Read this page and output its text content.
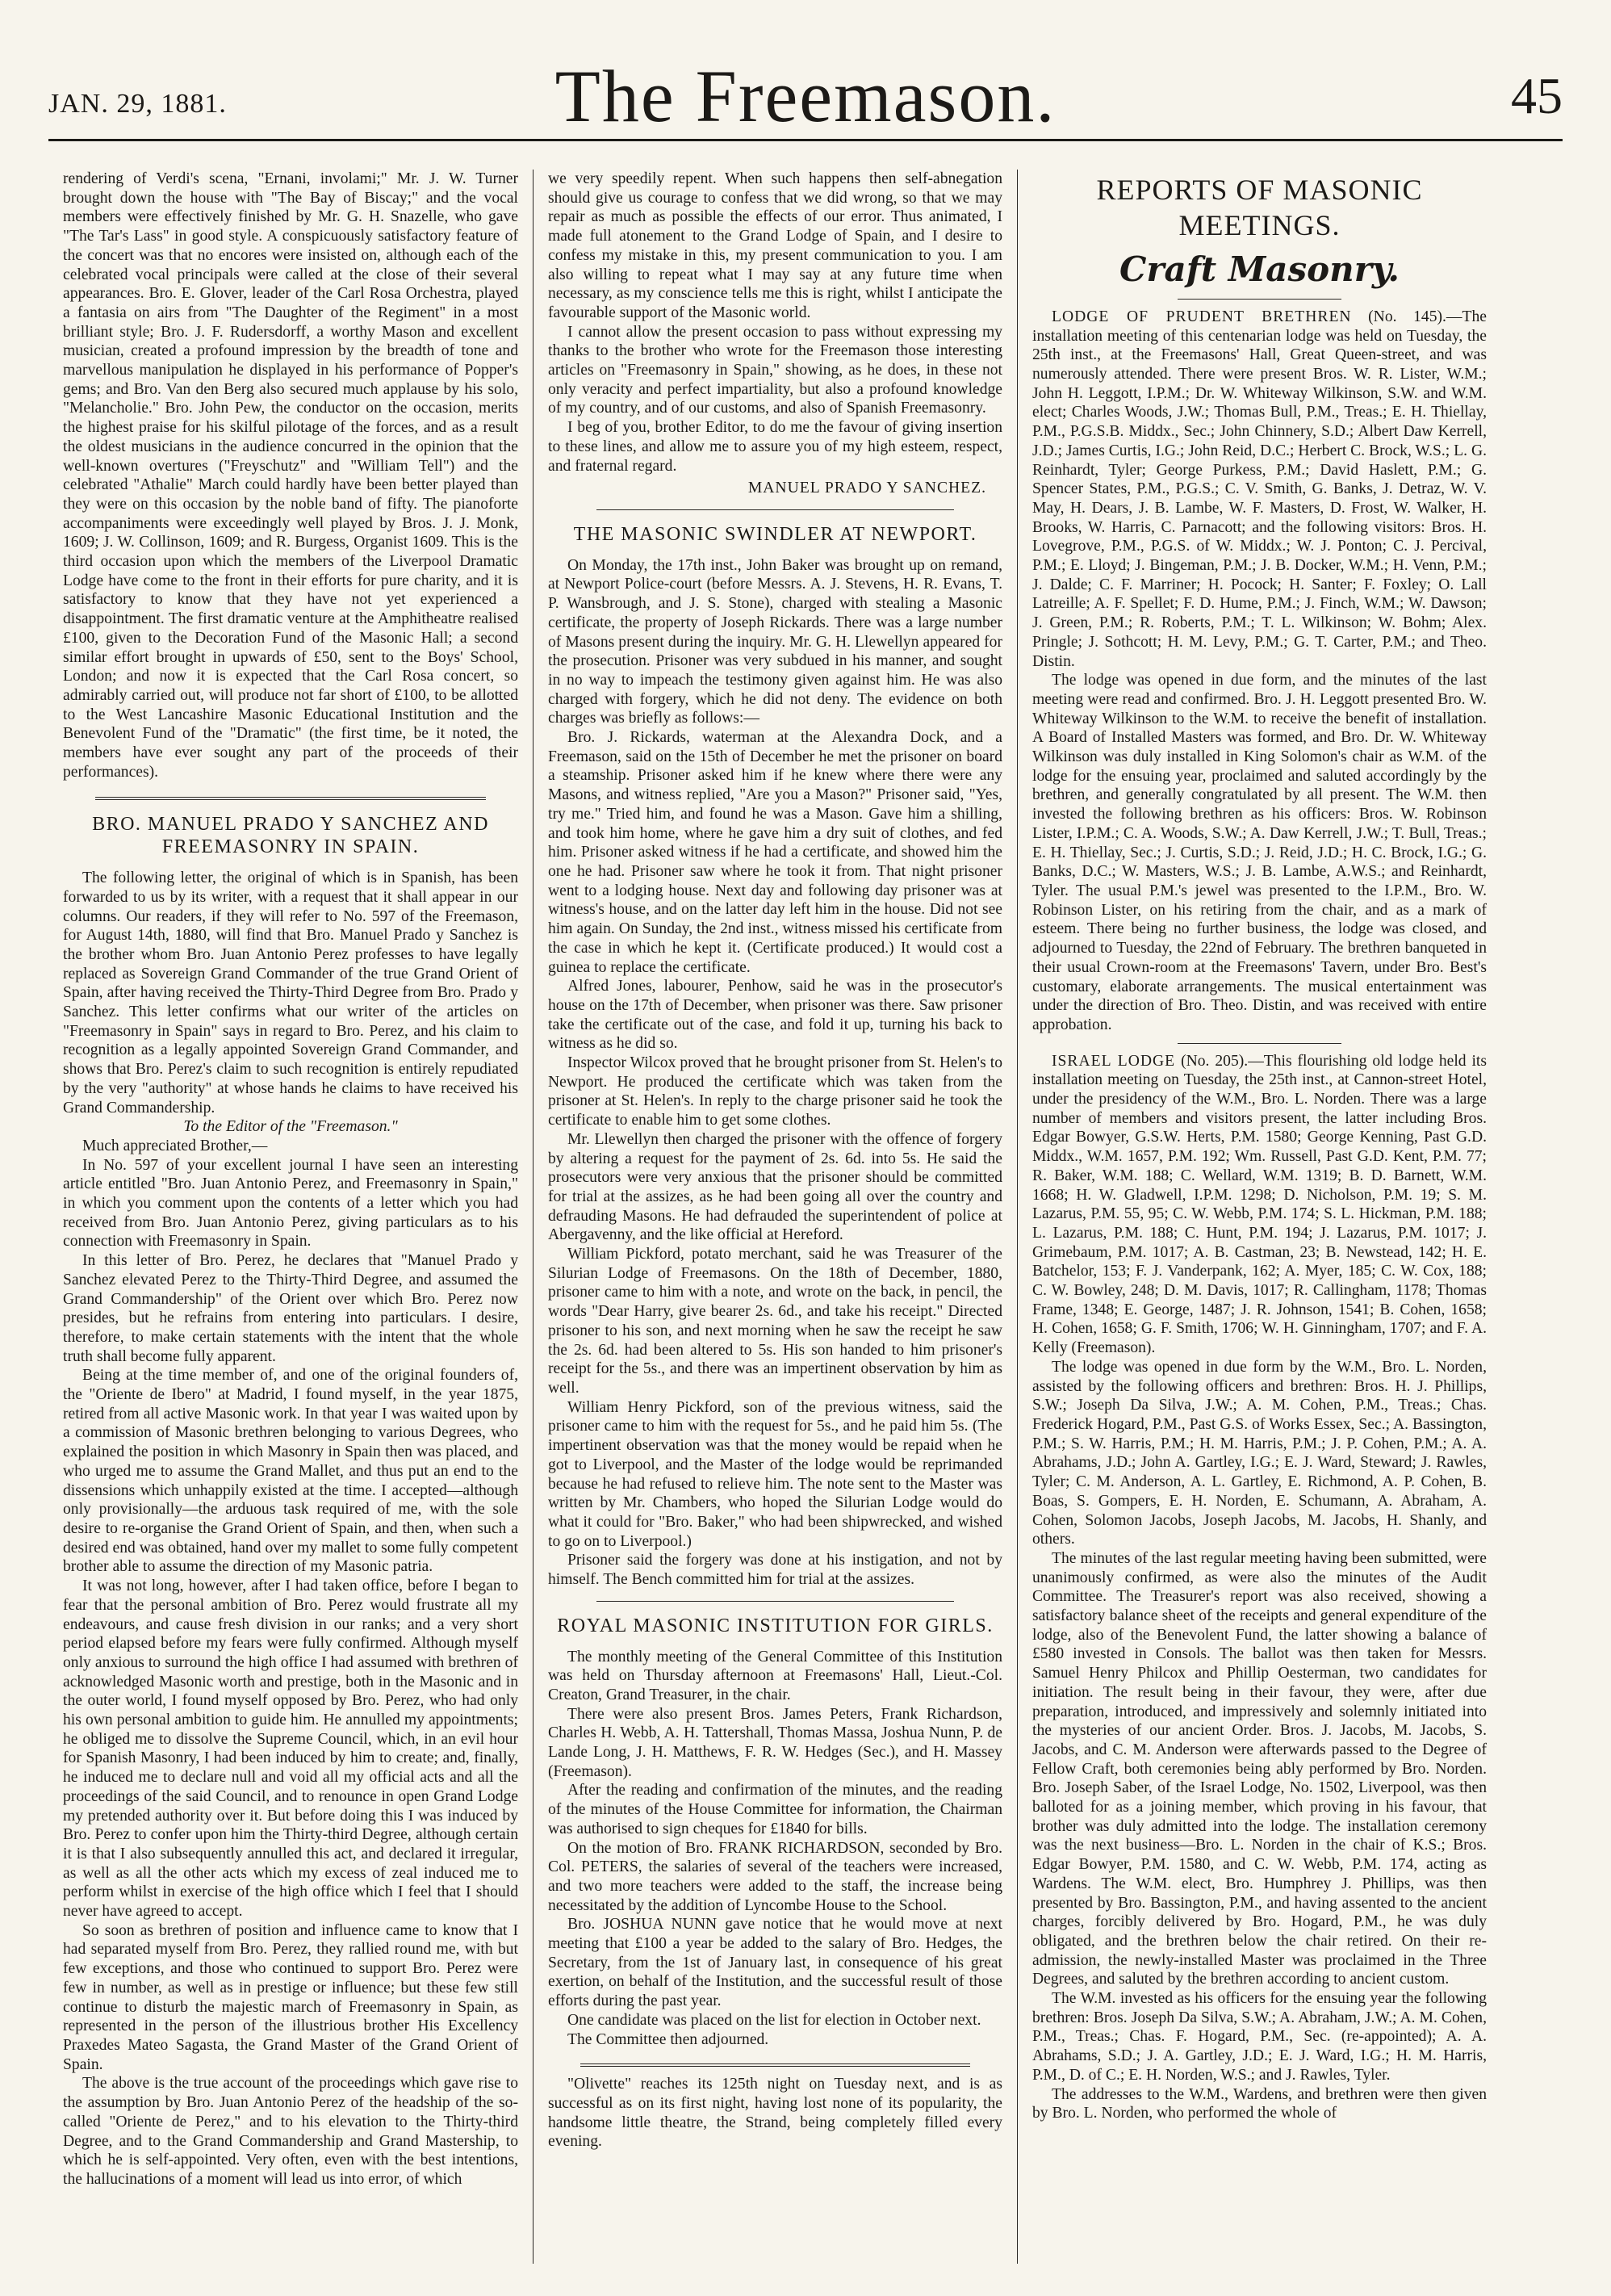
JAN. 29, 1881.	The Freemason.	45

rendering of Verdi's scena, "Ernani, involami;" Mr. J. W. Turner brought down the house with "The Bay of Biscay;" and the vocal members were effectively finished by Mr. G. H. Snazelle, who gave "The Tar's Lass" in good style. A conspicuously satisfactory feature of the concert was that no encores were insisted on, although each of the celebrated vocal principals were called at the close of their several appearances. Bro. E. Glover, leader of the Carl Rosa Orchestra, played a fantasia on airs from "The Daughter of the Regiment" in a most brilliant style; Bro. J. F. Rudersdorff, a worthy Mason and excellent musician, created a profound impression by the breadth of tone and marvellous manipulation he displayed in his performance of Popper's gems; and Bro. Van den Berg also secured much applause by his solo, "Melancholie." Bro. John Pew, the conductor on the occasion, merits the highest praise for his skilful pilotage of the forces, and as a result the oldest musicians in the audience concurred in the opinion that the well-known overtures ("Freyschutz" and "William Tell") and the celebrated "Athalie" March could hardly have been better played than they were on this occasion by the noble band of fifty. The pianoforte accompaniments were exceedingly well played by Bros. J. J. Monk, 1609; J. W. Collinson, 1609; and R. Burgess, Organist 1609. This is the third occasion upon which the members of the Liverpool Dramatic Lodge have come to the front in their efforts for pure charity, and it is satisfactory to know that they have not yet experienced a disappointment. The first dramatic venture at the Amphitheatre realised £100, given to the Decoration Fund of the Masonic Hall; a second similar effort brought in upwards of £50, sent to the Boys' School, London; and now it is expected that the Carl Rosa concert, so admirably carried out, will produce not far short of £100, to be allotted to the West Lancashire Masonic Educational Institution and the Benevolent Fund of the "Dramatic" (the first time, be it noted, the members have ever sought any part of the proceeds of their performances).

BRO. MANUEL PRADO Y SANCHEZ AND FREEMASONRY IN SPAIN.

The following letter, the original of which is in Spanish, has been forwarded to us by its writer, with a request that it shall appear in our columns. Our readers, if they will refer to No. 597 of the Freemason, for August 14th, 1880, will find that Bro. Manuel Prado y Sanchez is the brother whom Bro. Juan Antonio Perez professes to have legally replaced as Sovereign Grand Commander of the true Grand Orient of Spain, after having received the Thirty-Third Degree from Bro. Prado y Sanchez. This letter confirms what our writer of the articles on "Freemasonry in Spain" says in regard to Bro. Perez, and his claim to recognition as a legally appointed Sovereign Grand Commander, and shows that Bro. Perez's claim to such recognition is entirely repudiated by the very "authority" at whose hands he claims to have received his Grand Commandership.

To the Editor of the "Freemason."

Much appreciated Brother,—

In No. 597 of your excellent journal I have seen an interesting article entitled "Bro. Juan Antonio Perez, and Freemasonry in Spain," in which you comment upon the contents of a letter which you had received from Bro. Juan Antonio Perez, giving particulars as to his connection with Freemasonry in Spain.

In this letter of Bro. Perez, he declares that "Manuel Prado y Sanchez elevated Perez to the Thirty-Third Degree, and assumed the Grand Commandership" of the Orient over which Bro. Perez now presides, but he refrains from entering into particulars. I desire, therefore, to make certain statements with the intent that the whole truth shall become fully apparent.

Being at the time member of, and one of the original founders of, the "Oriente de Ibero" at Madrid, I found myself, in the year 1875, retired from all active Masonic work. In that year I was waited upon by a commission of Masonic brethren belonging to various Degrees, who explained the position in which Masonry in Spain then was placed, and who urged me to assume the Grand Mallet, and thus put an end to the dissensions which unhappily existed at the time. I accepted—although only provisionally—the arduous task required of me, with the sole desire to re-organise the Grand Orient of Spain, and then, when such a desired end was obtained, hand over my mallet to some fully competent brother able to assume the direction of my Masonic patria.

It was not long, however, after I had taken office, before I began to fear that the personal ambition of Bro. Perez would frustrate all my endeavours, and cause fresh division in our ranks; and a very short period elapsed before my fears were fully confirmed. Although myself only anxious to surround the high office I had assumed with brethren of acknowledged Masonic worth and prestige, both in the Masonic and in the outer world, I found myself opposed by Bro. Perez, who had only his own personal ambition to guide him. He annulled my appointments; he obliged me to dissolve the Supreme Council, which, in an evil hour for Spanish Masonry, I had been induced by him to create; and, finally, he induced me to declare null and void all my official acts and all the proceedings of the said Council, and to renounce in open Grand Lodge my pretended authority over it. But before doing this I was induced by Bro. Perez to confer upon him the Thirty-third Degree, although certain it is that I also subsequently annulled this act, and declared it irregular, as well as all the other acts which my excess of zeal induced me to perform whilst in exercise of the high office which I feel that I should never have agreed to accept.

So soon as brethren of position and influence came to know that I had separated myself from Bro. Perez, they rallied round me, with but few exceptions, and those who continued to support Bro. Perez were few in number, as well as in prestige or influence; but these few still continue to disturb the majestic march of Freemasonry in Spain, as represented in the person of the illustrious brother His Excellency Praxedes Mateo Sagasta, the Grand Master of the Grand Orient of Spain.

The above is the true account of the proceedings which gave rise to the assumption by Bro. Juan Antonio Perez of the headship of the so-called "Oriente de Perez," and to his elevation to the Thirty-third Degree, and to the Grand Commandership and Grand Mastership, to which he is self-appointed. Very often, even with the best intentions, the hallucinations of a moment will lead us into error, of which

we very speedily repent. When such happens then self-abnegation should give us courage to confess that we did wrong, so that we may repair as much as possible the effects of our error. Thus animated, I made full atonement to the Grand Lodge of Spain, and I desire to confess my mistake in this, my present communication to you. I am also willing to repeat what I may say at any future time when necessary, as my conscience tells me this is right, whilst I anticipate the favourable support of the Masonic world.

I cannot allow the present occasion to pass without expressing my thanks to the brother who wrote for the Freemason those interesting articles on "Freemasonry in Spain," showing, as he does, in these not only veracity and perfect impartiality, but also a profound knowledge of my country, and of our customs, and also of Spanish Freemasonry.

I beg of you, brother Editor, to do me the favour of giving insertion to these lines, and allow me to assure you of my high esteem, respect, and fraternal regard.

MANUEL PRADO Y SANCHEZ.
THE MASONIC SWINDLER AT NEWPORT.

On Monday, the 17th inst., John Baker was brought up on remand, at Newport Police-court (before Messrs. A. J. Stevens, H. R. Evans, T. P. Wansbrough, and J. S. Stone), charged with stealing a Masonic certificate, the property of Joseph Rickards. There was a large number of Masons present during the inquiry. Mr. G. H. Llewellyn appeared for the prosecution. Prisoner was very subdued in his manner, and sought in no way to impeach the testimony given against him. He was also charged with forgery, which he did not deny. The evidence on both charges was briefly as follows:—

Bro. J. Rickards, waterman at the Alexandra Dock, and a Freemason, said on the 15th of December he met the prisoner on board a steamship. Prisoner asked him if he knew where there were any Masons, and witness replied, "Are you a Mason?" Prisoner said, "Yes, try me." Tried him, and found he was a Mason. Gave him a shilling, and took him home, where he gave him a dry suit of clothes, and fed him. Prisoner asked witness if he had a certificate, and showed him the one he had. Prisoner saw where he took it from. That night prisoner went to a lodging house. Next day and following day prisoner was at witness's house, and on the latter day left him in the house. Did not see him again. On Sunday, the 2nd inst., witness missed his certificate from the case in which he kept it. (Certificate produced.) It would cost a guinea to replace the certificate.

Alfred Jones, labourer, Penhow, said he was in the prosecutor's house on the 17th of December, when prisoner was there. Saw prisoner take the certificate out of the case, and fold it up, turning his back to witness as he did so.

Inspector Wilcox proved that he brought prisoner from St. Helen's to Newport. He produced the certificate which was taken from the prisoner at St. Helen's. In reply to the charge prisoner said he took the certificate to enable him to get some clothes.

Mr. Llewellyn then charged the prisoner with the offence of forgery by altering a request for the payment of 2s. 6d. into 5s. He said the prosecutors were very anxious that the prisoner should be committed for trial at the assizes, as he had been going all over the country and defrauding Masons. He had defrauded the superintendent of police at Abergavenny, and the like official at Hereford.

William Pickford, potato merchant, said he was Treasurer of the Silurian Lodge of Freemasons. On the 18th of December, 1880, prisoner came to him with a note, and wrote on the back, in pencil, the words "Dear Harry, give bearer 2s. 6d., and take his receipt." Directed prisoner to his son, and next morning when he saw the receipt he saw the 2s. 6d. had been altered to 5s. His son handed to him prisoner's receipt for the 5s., and there was an impertinent observation by him as well.

William Henry Pickford, son of the previous witness, said the prisoner came to him with the request for 5s., and he paid him 5s. (The impertinent observation was that the money would be repaid when he got to Liverpool, and the Master of the lodge would be reprimanded because he had refused to relieve him. The note sent to the Master was written by Mr. Chambers, who hoped the Silurian Lodge would do what it could for "Bro. Baker," who had been shipwrecked, and wished to go on to Liverpool.)

Prisoner said the forgery was done at his instigation, and not by himself. The Bench committed him for trial at the assizes.

ROYAL MASONIC INSTITUTION FOR GIRLS.

The monthly meeting of the General Committee of this Institution was held on Thursday afternoon at Freemasons' Hall, Lieut.-Col. Creaton, Grand Treasurer, in the chair.

There were also present Bros. James Peters, Frank Richardson, Charles H. Webb, A. H. Tattershall, Thomas Massa, Joshua Nunn, P. de Lande Long, J. H. Matthews, F. R. W. Hedges (Sec.), and H. Massey (Freemason).

After the reading and confirmation of the minutes, and the reading of the minutes of the House Committee for information, the Chairman was authorised to sign cheques for £1840 for bills.

On the motion of Bro. FRANK RICHARDSON, seconded by Bro. Col. PETERS, the salaries of several of the teachers were increased, and two more teachers were added to the staff, the increase being necessitated by the addition of Lyncombe House to the School.

Bro. JOSHUA NUNN gave notice that he would move at next meeting that £100 a year be added to the salary of Bro. Hedges, the Secretary, from the 1st of January last, in consequence of his great exertion, on behalf of the Institution, and the successful result of those efforts during the past year.

One candidate was placed on the list for election in October next.

The Committee then adjourned.

"Olivette" reaches its 125th night on Tuesday next, and is as successful as on its first night, having lost none of its popularity, the handsome little theatre, the Strand, being completely filled every evening.

REPORTS OF MASONIC MEETINGS.
Craft Masonry.

LODGE OF PRUDENT BRETHREN (No. 145).—The installation meeting of this centenarian lodge was held on Tuesday, the 25th inst., at the Freemasons' Hall, Great Queen-street, and was numerously attended. There were present Bros. W. R. Lister, W.M.; John H. Leggott, I.P.M.; Dr. W. Whiteway Wilkinson, S.W. and W.M. elect; Charles Woods, J.W.; Thomas Bull, P.M., Treas.; E. H. Thiellay, P.M., P.G.S.B. Middx., Sec.; John Chinnery, S.D.; Albert Daw Kerrell, J.D.; James Curtis, I.G.; John Reid, D.C.; Herbert C. Brock, W.S.; L. G. Reinhardt, Tyler; George Purkess, P.M.; David Haslett, P.M.; G. Spencer States, P.M., P.G.S.; C. V. Smith, G. Banks, J. Detraz, W. V. May, H. Dears, J. B. Lambe, W. F. Masters, D. Frost, W. Walker, H. Brooks, W. Harris, C. Parnacott; and the following visitors: Bros. H. Lovegrove, P.M., P.G.S. of W. Middx.; W. J. Ponton; C. J. Percival, P.M.; E. Lloyd; J. Bingeman, P.M.; J. B. Docker, W.M.; H. Venn, P.M.; J. Dalde; C. F. Marriner; H. Pocock; H. Santer; F. Foxley; O. Lall Latreille; A. F. Spellet; F. D. Hume, P.M.; J. Finch, W.M.; W. Dawson; J. Green, P.M.; R. Roberts, P.M.; T. L. Wilkinson; W. Bohm; Alex. Pringle; J. Sothcott; H. M. Levy, P.M.; G. T. Carter, P.M.; and Theo. Distin.

The lodge was opened in due form, and the minutes of the last meeting were read and confirmed. Bro. J. H. Leggott presented Bro. W. Whiteway Wilkinson to the W.M. to receive the benefit of installation. A Board of Installed Masters was formed, and Bro. Dr. W. Whiteway Wilkinson was duly installed in King Solomon's chair as W.M. of the lodge for the ensuing year, proclaimed and saluted accordingly by the brethren, and generally congratulated by all present. The W.M. then invested the following brethren as his officers: Bros. W. Robinson Lister, I.P.M.; C. A. Woods, S.W.; A. Daw Kerrell, J.W.; T. Bull, Treas.; E. H. Thiellay, Sec.; J. Curtis, S.D.; J. Reid, J.D.; H. C. Brock, I.G.; G. Banks, D.C.; W. Masters, W.S.; J. B. Lambe, A.W.S.; and Reinhardt, Tyler. The usual P.M.'s jewel was presented to the I.P.M., Bro. W. Robinson Lister, on his retiring from the chair, and as a mark of esteem. There being no further business, the lodge was closed, and adjourned to Tuesday, the 22nd of February. The brethren banqueted in their usual Crown-room at the Freemasons' Tavern, under Bro. Best's customary, elaborate arrangements. The musical entertainment was under the direction of Bro. Theo. Distin, and was received with entire approbation.

ISRAEL LODGE (No. 205).—This flourishing old lodge held its installation meeting on Tuesday, the 25th inst., at Cannon-street Hotel, under the presidency of the W.M., Bro. L. Norden. There was a large number of members and visitors present, the latter including Bros. Edgar Bowyer, G.S.W. Herts, P.M. 1580; George Kenning, Past G.D. Middx., W.M. 1657, P.M. 192; Wm. Russell, Past G.D. Kent, P.M. 77; R. Baker, W.M. 188; C. Wellard, W.M. 1319; B. D. Barnett, W.M. 1668; H. W. Gladwell, I.P.M. 1298; D. Nicholson, P.M. 19; S. M. Lazarus, P.M. 55, 95; C. W. Webb, P.M. 174; S. L. Hickman, P.M. 188; L. Lazarus, P.M. 188; C. Hunt, P.M. 194; J. Lazarus, P.M. 1017; J. Grimebaum, P.M. 1017; A. B. Castman, 23; B. Newstead, 142; H. E. Batchelor, 153; F. J. Vanderpank, 162; A. Myer, 185; C. W. Cox, 188; C. W. Bowley, 248; D. M. Davis, 1017; R. Callingham, 1178; Thomas Frame, 1348; E. George, 1487; J. R. Johnson, 1541; B. Cohen, 1658; H. Cohen, 1658; G. F. Smith, 1706; W. H. Ginningham, 1707; and F. A. Kelly (Freemason).

The lodge was opened in due form by the W.M., Bro. L. Norden, assisted by the following officers and brethren: Bros. H. J. Phillips, S.W.; Joseph Da Silva, J.W.; A. M. Cohen, P.M., Treas.; Chas. Frederick Hogard, P.M., Past G.S. of Works Essex, Sec.; A. Bassington, P.M.; S. W. Harris, P.M.; H. M. Harris, P.M.; J. P. Cohen, P.M.; A. A. Abrahams, J.D.; John A. Gartley, I.G.; E. J. Ward, Steward; J. Rawles, Tyler; C. M. Anderson, A. L. Gartley, E. Richmond, A. P. Cohen, B. Boas, S. Gompers, E. H. Norden, E. Schumann, A. Abraham, A. Cohen, Solomon Jacobs, Joseph Jacobs, M. Jacobs, H. Shanly, and others.

The minutes of the last regular meeting having been submitted, were unanimously confirmed, as were also the minutes of the Audit Committee. The Treasurer's report was also received, showing a satisfactory balance sheet of the receipts and general expenditure of the lodge, also of the Benevolent Fund, the latter showing a balance of £580 invested in Consols. The ballot was then taken for Messrs. Samuel Henry Philcox and Phillip Oesterman, two candidates for initiation. The result being in their favour, they were, after due preparation, introduced, and impressively and solemnly initiated into the mysteries of our ancient Order. Bros. J. Jacobs, M. Jacobs, S. Jacobs, and C. M. Anderson were afterwards passed to the Degree of Fellow Craft, both ceremonies being ably performed by Bro. Norden. Bro. Joseph Saber, of the Israel Lodge, No. 1502, Liverpool, was then balloted for as a joining member, which proving in his favour, that brother was duly admitted into the lodge. The installation ceremony was the next business—Bro. L. Norden in the chair of K.S.; Bros. Edgar Bowyer, P.M. 1580, and C. W. Webb, P.M. 174, acting as Wardens. The W.M. elect, Bro. Humphrey J. Phillips, was then presented by Bro. Bassington, P.M., and having assented to the ancient charges, forcibly delivered by Bro. Hogard, P.M., he was duly obligated, and the brethren below the chair retired. On their re-admission, the newly-installed Master was proclaimed in the Three Degrees, and saluted by the brethren according to ancient custom.

The W.M. invested as his officers for the ensuing year the following brethren: Bros. Joseph Da Silva, S.W.; A. Abraham, J.W.; A. M. Cohen, P.M., Treas.; Chas. F. Hogard, P.M., Sec. (re-appointed); A. A. Abrahams, S.D.; J. A. Gartley, J.D.; E. J. Ward, I.G.; H. M. Harris, P.M., D. of C.; E. H. Norden, W.S.; and J. Rawles, Tyler.

The addresses to the W.M., Wardens, and brethren were then given by Bro. L. Norden, who performed the whole of
